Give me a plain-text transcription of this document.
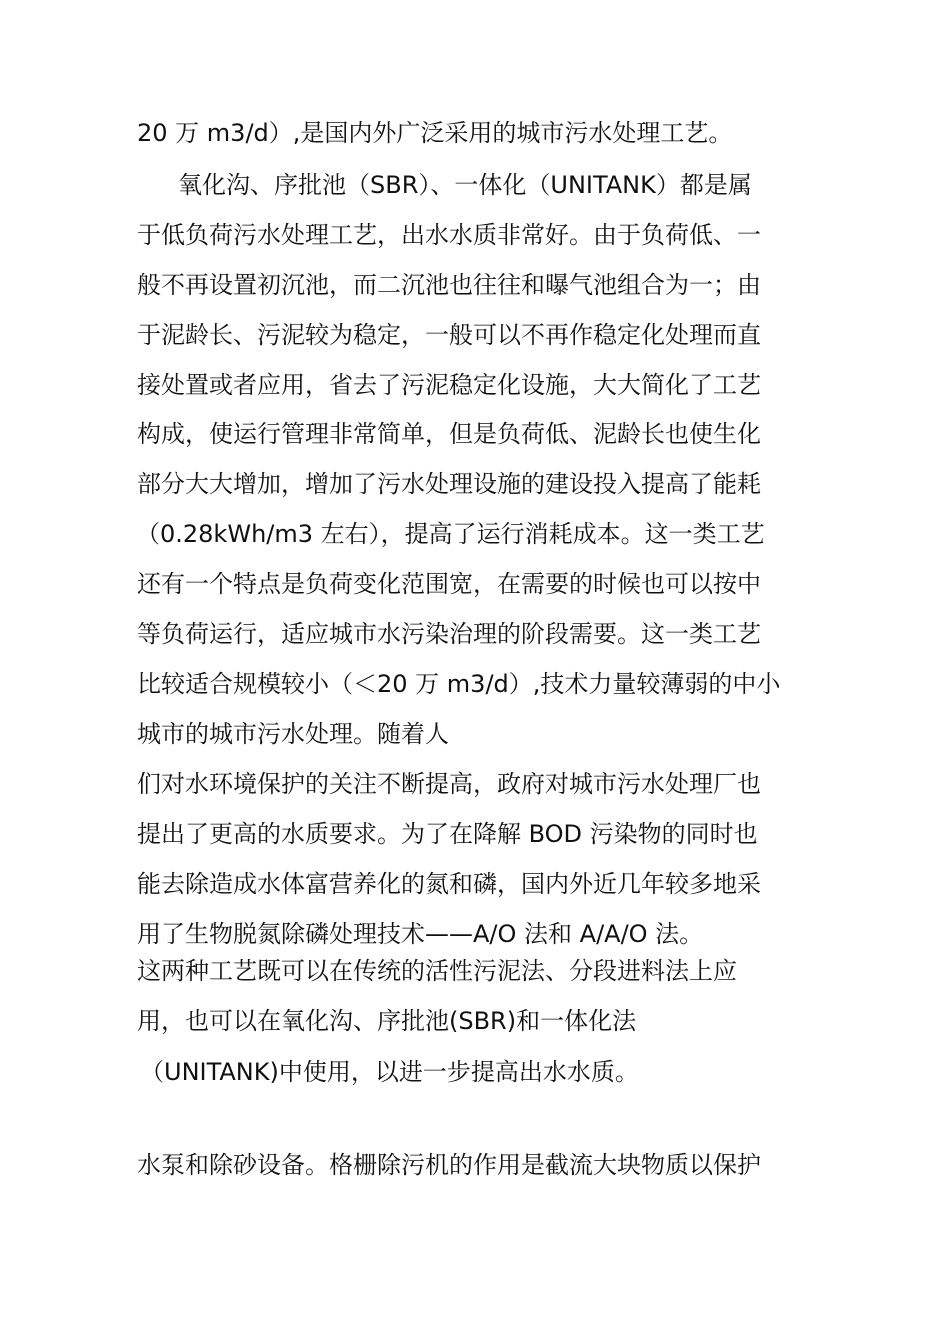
20 万 m3/d）,是国内外广泛采用的城市污水处理工艺。
氧化沟、序批池（SBR）、一体化（UNITANK）都是属
于低负荷污水处理工艺，出水水质非常好。由于负荷低、一
般不再设置初沉池，而二沉池也往往和曝气池组合为一；由
于泥龄长、污泥较为稳定，一般可以不再作稳定化处理而直
接处置或者应用，省去了污泥稳定化设施，大大简化了工艺
构成，使运行管理非常简单，但是负荷低、泥龄长也使生化
部分大大增加，增加了污水处理设施的建设投入提高了能耗
（0.28kWh/m3 左右），提高了运行消耗成本。这一类工艺
还有一个特点是负荷变化范围宽，在需要的时候也可以按中
等负荷运行，适应城市水污染治理的阶段需要。这一类工艺
比较适合规模较小（＜20 万 m3/d）,技术力量较薄弱的中小
城市的城市污水处理。随着人
们对水环境保护的关注不断提高，政府对城市污水处理厂也
提出了更高的水质要求。为了在降解 BOD 污染物的同时也
能去除造成水体富营养化的氮和磷，国内外近几年较多地采
用了生物脱氮除磷处理技术——A/O 法和 A/A/O 法。
这两种工艺既可以在传统的活性污泥法、分段进料法上应
用，也可以在氧化沟、序批池(SBR)和一体化法
（UNITANK)中使用，以进一步提高出水水质。
水泵和除砂设备。格栅除污机的作用是截流大块物质以保护
